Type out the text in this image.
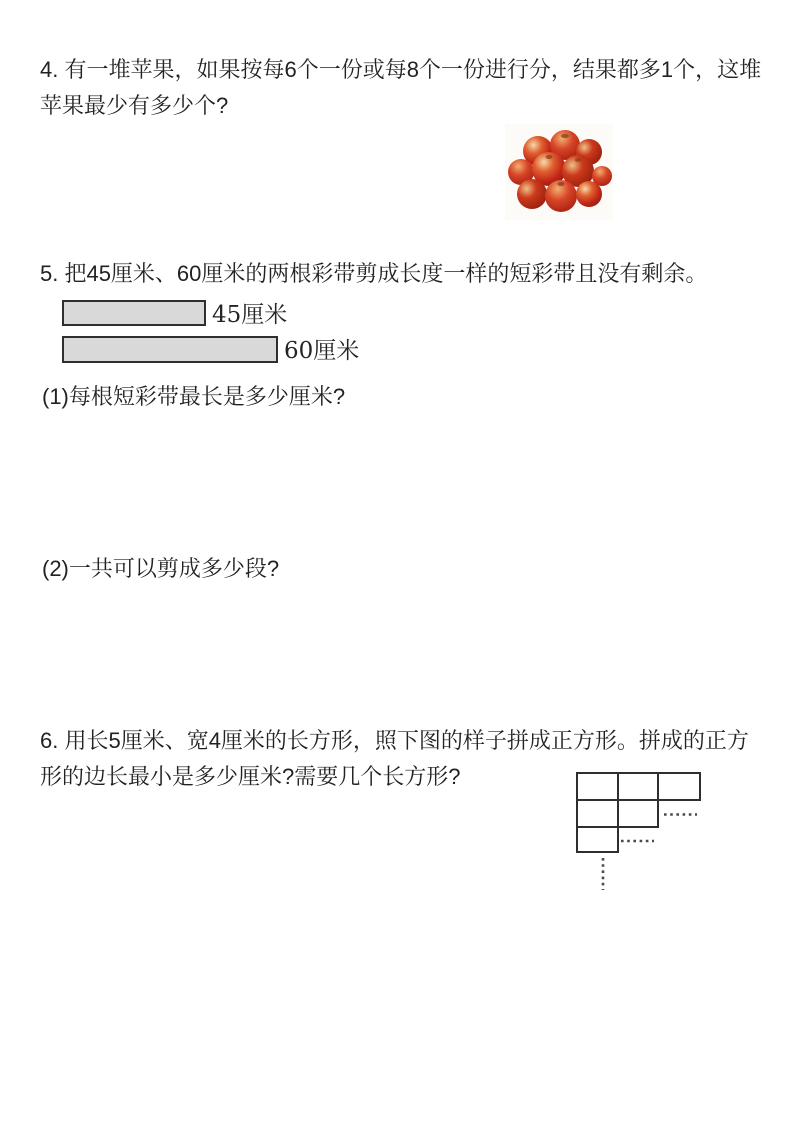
4. 有一堆苹果，如果按每6个一份或每8个一份进行分，结果都多1个，这堆
苹果最少有多少个?
5. 把45厘米、60厘米的两根彩带剪成长度一样的短彩带且没有剩余。
45厘米
60厘米
(1)每根短彩带最长是多少厘米?
(2)一共可以剪成多少段?
6. 用长5厘米、宽4厘米的长方形，照下图的样子拼成正方形。拼成的正方
形的边长最小是多少厘米?需要几个长方形?
